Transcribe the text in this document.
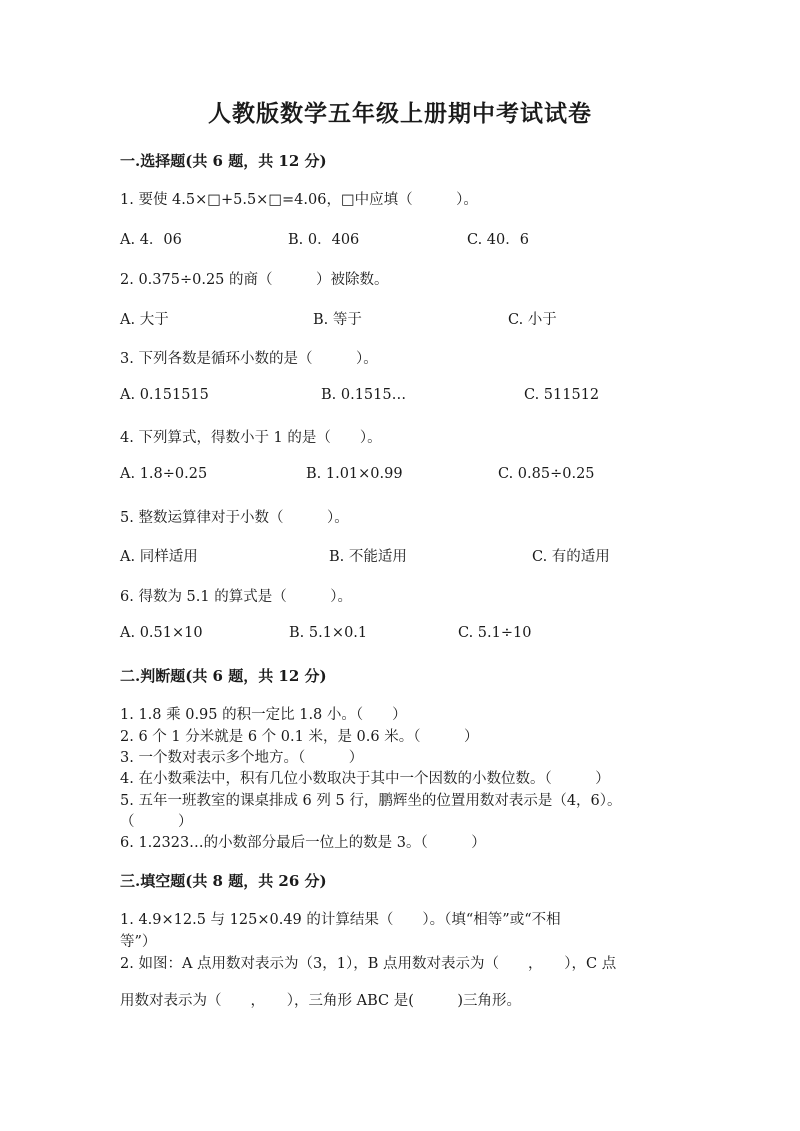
人教版数学五年级上册期中考试试卷
一.选择题(共 6 题，共 12 分)
1. 要使 4.5×□+5.5×□=4.06，□中应填（　　　）。
A. 4．06	B. 0．406	C. 40．6
2. 0.375÷0.25 的商（　　　）被除数。
A. 大于	B. 等于	C. 小于
3. 下列各数是循环小数的是（　　　）。
A. 0.151515	B. 0.1515…	C. 511512
4. 下列算式，得数小于 1 的是（　　）。
A. 1.8÷0.25	B. 1.01×0.99	C. 0.85÷0.25
5. 整数运算律对于小数（　　　）。
A. 同样适用	B. 不能适用	C. 有的适用
6. 得数为 5.1 的算式是（　　　）。
A. 0.51×10	B. 5.1×0.1	C. 5.1÷10
二.判断题(共 6 题，共 12 分)
1. 1.8 乘 0.95 的积一定比 1.8 小。（　　）
2. 6 个 1 分米就是 6 个 0.1 米，是 0.6 米。（　　　）
3. 一个数对表示多个地方。（　　　）
4. 在小数乘法中，积有几位小数取决于其中一个因数的小数位数。（　　　）
5. 五年一班教室的课桌排成 6 列 5 行，鹏辉坐的位置用数对表示是（4，6）。
（　　　）
6. 1.2323…的小数部分最后一位上的数是 3。（　　　）
三.填空题(共 8 题，共 26 分)
1. 4.9×12.5 与 125×0.49 的计算结果（　　）。（填“相等”或“不相
等”）
2. 如图：A 点用数对表示为（3，1），B 点用数对表示为（　　，　　），C 点
用数对表示为（　　，　　），三角形 ABC 是(　　　)三角形。
